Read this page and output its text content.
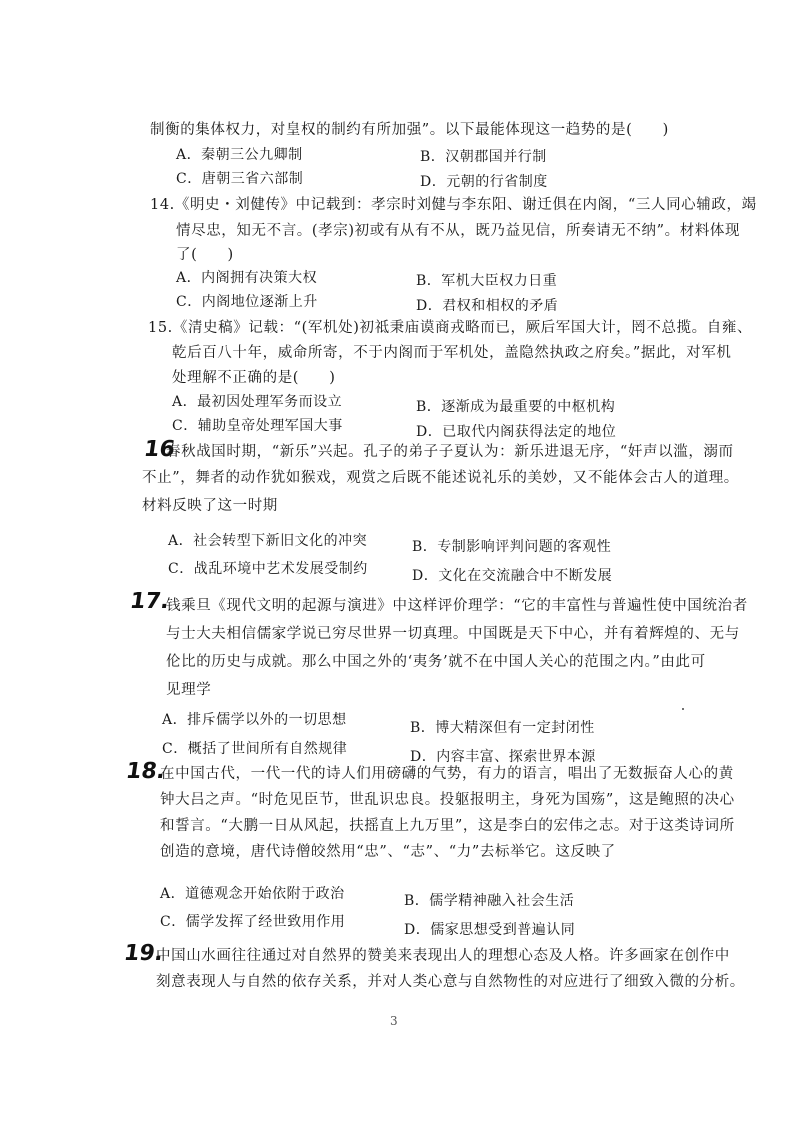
制衡的集体权力，对皇权的制约有所加强”。以下最能体现这一趋势的是(　　)
A．秦朝三公九卿制	B．汉朝郡国并行制
C．唐朝三省六部制	D．元朝的行省制度
14.《明史・刘健传》中记载到：孝宗时刘健与李东阳、谢迁俱在内阁，“三人同心辅政，竭
情尽忠，知无不言。(孝宗)初或有从有不从，既乃益见信，所奏请无不纳”。材料体现
了(　　)
A．内阁拥有决策大权	B．军机大臣权力日重
C．内阁地位逐渐上升	D．君权和相权的矛盾
15.《清史稿》记载：“(军机处)初祗秉庙谟商戎略而已，厥后军国大计，罔不总揽。自雍、
乾后百八十年，威命所寄，不于内阁而于军机处，盖隐然执政之府矣。”据此，对军机
处理解不正确的是(　　)
A．最初因处理军务而设立	B．逐渐成为最重要的中枢机构
C．辅助皇帝处理军国大事	D．已取代内阁获得法定的地位
16
春秋战国时期，“新乐”兴起。孔子的弟子子夏认为：新乐进退无序，“奸声以滥，溺而
不止”，舞者的动作犹如猴戏，观赏之后既不能述说礼乐的美妙，又不能体会古人的道理。
材料反映了这一时期
A．社会转型下新旧文化的冲突	B．专制影响评判问题的客观性
C．战乱环境中艺术发展受制约	D．文化在交流融合中不断发展
17.
钱乘旦《现代文明的起源与演进》中这样评价理学：“它的丰富性与普遍性使中国统治者
与士大夫相信儒家学说已穷尽世界一切真理。中国既是天下中心，并有着辉煌的、无与
伦比的历史与成就。那么中国之外的‘夷务’就不在中国人关心的范围之内。”由此可
见理学
A．排斥儒学以外的一切思想	B．博大精深但有一定封闭性
C．概括了世间所有自然规律	D．内容丰富、探索世界本源
18.
在中国古代，一代一代的诗人们用磅礴的气势，有力的语言，唱出了无数振奋人心的黄
钟大吕之声。“时危见臣节，世乱识忠良。投躯报明主，身死为国殇”，这是鲍照的决心
和誓言。“大鹏一日从风起，扶摇直上九万里”，这是李白的宏伟之志。对于这类诗词所
创造的意境，唐代诗僧皎然用“忠”、“志”、“力”去标举它。这反映了
A．道德观念开始依附于政治	B．儒学精神融入社会生活
C．儒学发挥了经世致用作用	D．儒家思想受到普遍认同
19.
中国山水画往往通过对自然界的赞美来表现出人的理想心态及人格。许多画家在创作中
刻意表现人与自然的依存关系，并对人类心意与自然物性的对应进行了细致入微的分析。
3
